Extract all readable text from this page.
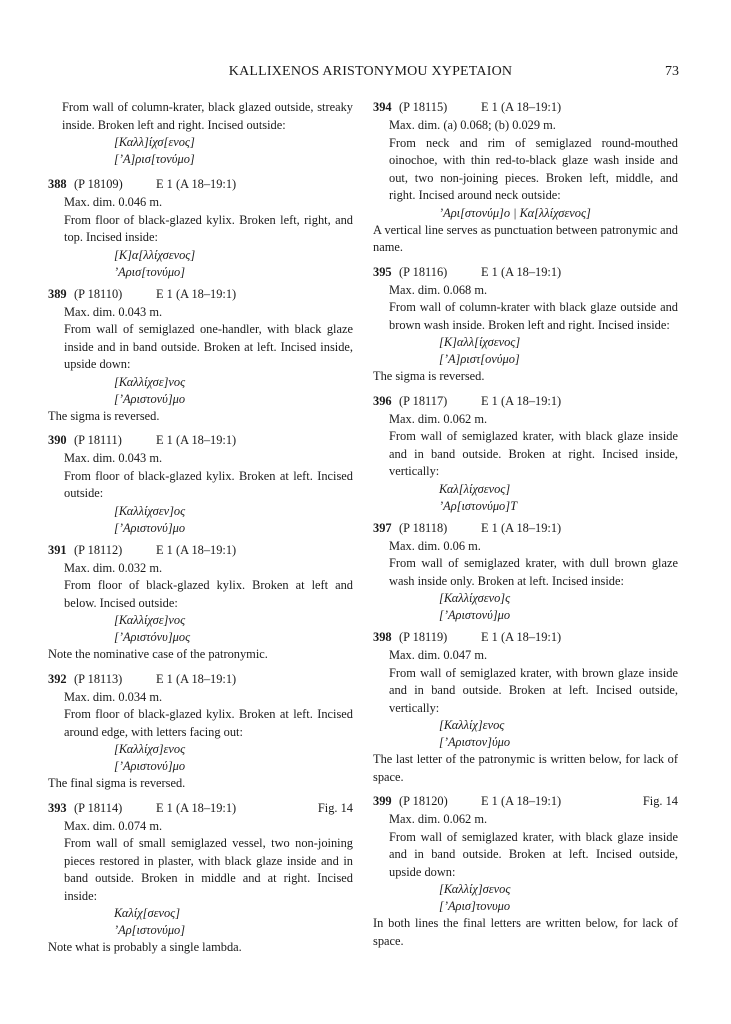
KALLIXENOS ARISTONYMOU XYPETAION	73

From wall of column-krater, black glazed outside, streaky inside. Broken left and right. Incised outside:

[Καλλ]ίχσ[ενος]

[’Α]ρισ[τονύμο]

388 (P 18109)	E 1 (A 18–19:1)

Max. dim. 0.046 m.

From floor of black-glazed kylix. Broken left, right, and top. Incised inside:

[Κ]α[λλίχσενος]

’Αρισ[τονύμο]

389 (P 18110)	E 1 (A 18–19:1)

Max. dim. 0.043 m.

From wall of semiglazed one-handler, with black glaze inside and in band outside. Broken at left. Incised inside, upside down:

[Καλλίχσε]νος

[’Αριστονύ]μο

The sigma is reversed.

390 (P 18111)	E 1 (A 18–19:1)

Max. dim. 0.043 m.

From floor of black-glazed kylix. Broken at left. Incised outside:

[Καλλίχσεν]ος

[’Αριστονύ]μο

391 (P 18112)	E 1 (A 18–19:1)

Max. dim. 0.032 m.

From floor of black-glazed kylix. Broken at left and below. Incised outside:

[Καλλίχσε]νος

[’Αριστόνυ]μος

Note the nominative case of the patronymic.

392 (P 18113)	E 1 (A 18–19:1)

Max. dim. 0.034 m.

From floor of black-glazed kylix. Broken at left. Incised around edge, with letters facing out:

[Καλλίχσ]ενος

[’Αριστονύ]μο

The final sigma is reversed.

393 (P 18114)	E 1 (A 18–19:1)	Fig. 14

Max. dim. 0.074 m.

From wall of small semiglazed vessel, two non-joining pieces restored in plaster, with black glaze inside and in band outside. Broken in middle and at right. Incised inside:

Καλίχ[σενος]

’Αρ[ιστονύμο]

Note what is probably a single lambda.

394 (P 18115)	E 1 (A 18–19:1)

Max. dim. (a) 0.068; (b) 0.029 m.

From neck and rim of semiglazed round-mouthed oinochoe, with thin red-to-black glaze wash inside and out, two non-joining pieces. Broken left, middle, and right. Incised around neck outside:

’Αρι[στονύμ]ο | Κα[λλίχσενος]

A vertical line serves as punctuation between patronymic and name.

395 (P 18116)	E 1 (A 18–19:1)

Max. dim. 0.068 m.

From wall of column-krater with black glaze outside and brown wash inside. Broken left and right. Incised inside:

[Κ]αλλ[ίχσενος]

[’Α]ριστ[ονύμο]

The sigma is reversed.

396 (P 18117)	E 1 (A 18–19:1)

Max. dim. 0.062 m.

From wall of semiglazed krater, with black glaze inside and in band outside. Broken at right. Incised inside, vertically:

Καλ[λίχσενος]

’Αρ[ιστονύμο]Τ

397 (P 18118)	E 1 (A 18–19:1)

Max. dim. 0.06 m.

From wall of semiglazed krater, with dull brown glaze wash inside only. Broken at left. Incised inside:

[Καλλίχσενο]ς

[’Αριστονύ]μο

398 (P 18119)	E 1 (A 18–19:1)

Max. dim. 0.047 m.

From wall of semiglazed krater, with brown glaze inside and in band outside. Broken at left. Incised outside, vertically:

[Καλλίχ]ενος

[’Αριστον]ύμο

The last letter of the patronymic is written below, for lack of space.

399 (P 18120)	E 1 (A 18–19:1)	Fig. 14

Max. dim. 0.062 m.

From wall of semiglazed krater, with black glaze inside and in band outside. Broken at left. Incised outside, upside down:

[Καλλίχ]σενος

[’Αρισ]τονυμο

In both lines the final letters are written below, for lack of space.
